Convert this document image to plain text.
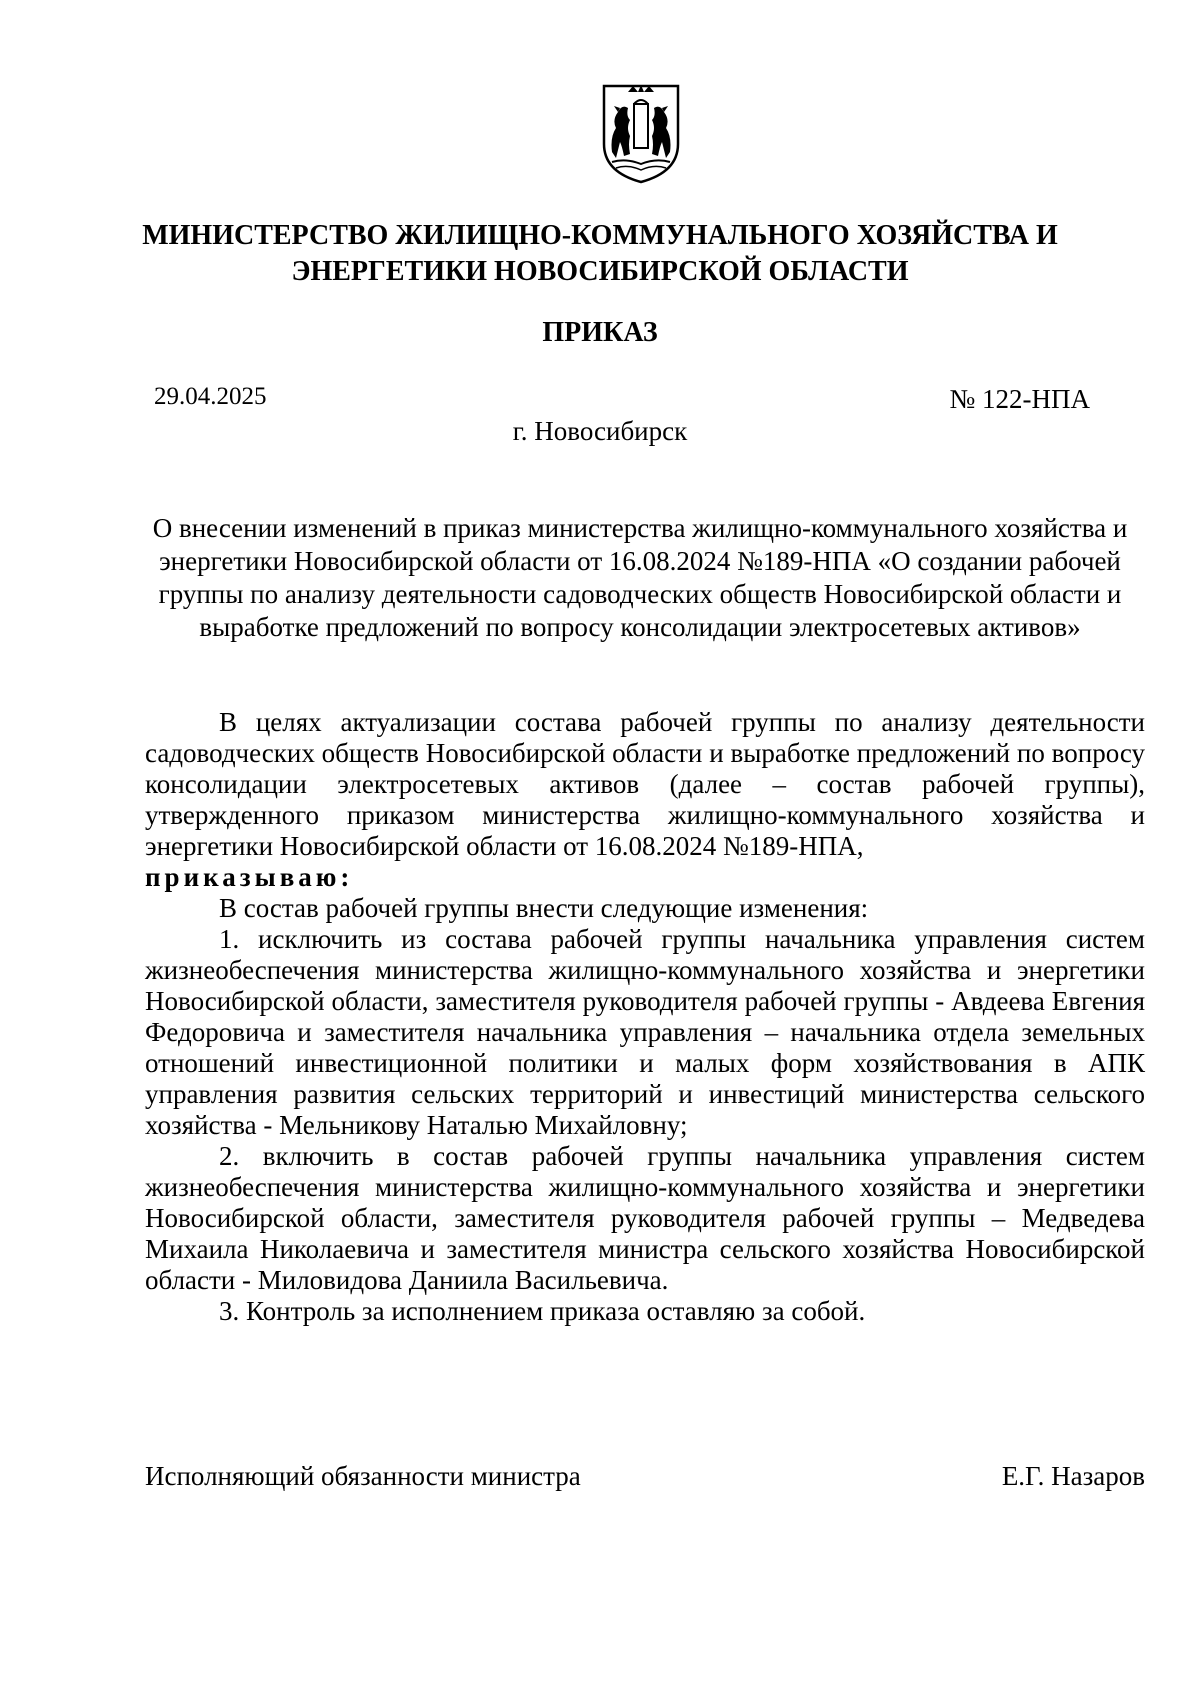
МИНИСТЕРСТВО ЖИЛИЩНО-КОММУНАЛЬНОГО ХОЗЯЙСТВА И
ЭНЕРГЕТИКИ НОВОСИБИРСКОЙ ОБЛАСТИ
ПРИКАЗ
29.04.2025	№ 122-НПА
г. Новосибирск
О внесении изменений в приказ министерства жилищно-коммунального хозяйства и энергетики Новосибирской области от 16.08.2024 №189-НПА «О создании рабочей группы по анализу деятельности садоводческих обществ Новосибирской области и выработке предложений по вопросу консолидации электросетевых активов»

В целях актуализации состава рабочей группы по анализу деятельности садоводческих обществ Новосибирской области и выработке предложений по вопросу консолидации электросетевых активов (далее – состав рабочей группы), утвержденного приказом министерства жилищно-коммунального хозяйства и энергетики Новосибирской области от 16.08.2024 №189-НПА,

приказываю:

В состав рабочей группы внести следующие изменения:

1. исключить из состава рабочей группы начальника управления систем жизнеобеспечения министерства жилищно-коммунального хозяйства и энергетики Новосибирской области, заместителя руководителя рабочей группы - Авдеева Евгения Федоровича и заместителя начальника управления – начальника отдела земельных отношений инвестиционной политики и малых форм хозяйствования в АПК управления развития сельских территорий и инвестиций министерства сельского хозяйства - Мельникову Наталью Михайловну;

2. включить в состав рабочей группы начальника управления систем жизнеобеспечения министерства жилищно-коммунального хозяйства и энергетики Новосибирской области, заместителя руководителя рабочей группы – Медведева Михаила Николаевича и заместителя министра сельского хозяйства Новосибирской области - Миловидова Даниила Васильевича.

3. Контроль за исполнением приказа оставляю за собой.

Исполняющий обязанности министра	Е.Г. Назаров
